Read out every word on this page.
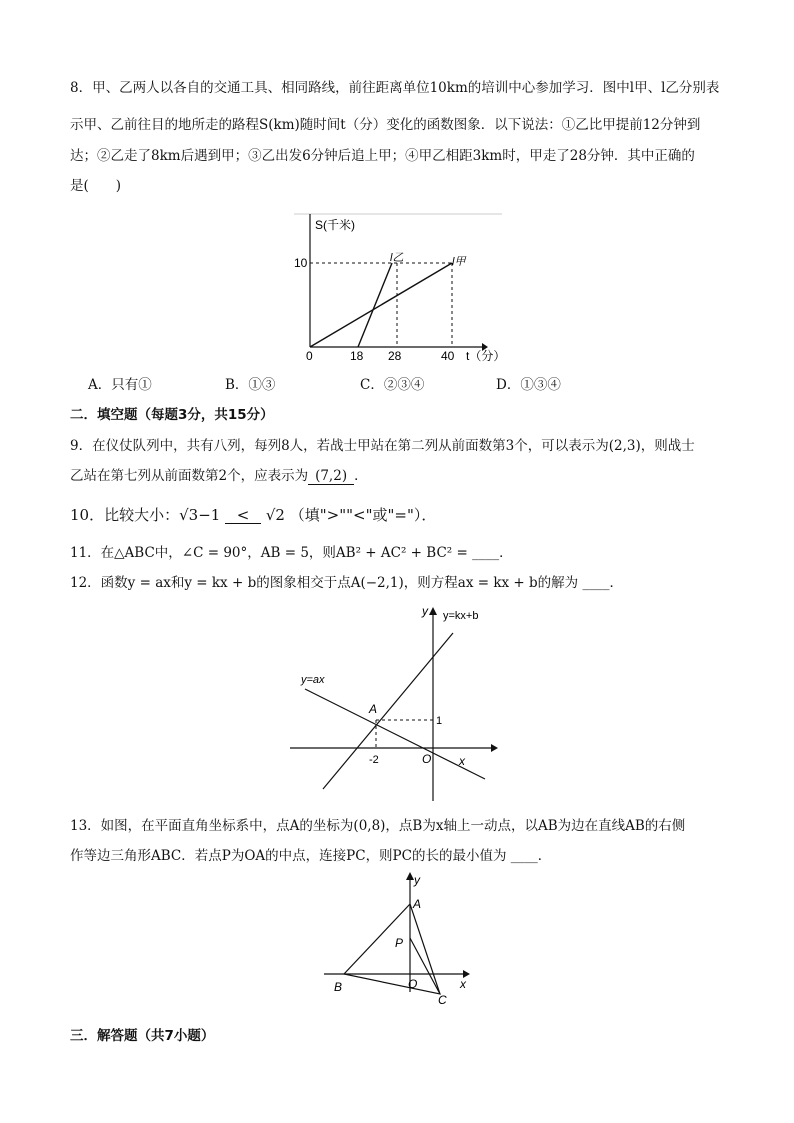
8．甲、乙两人以各自的交通工具、相同路线，前往距离单位10km的培训中心参加学习．图中l甲、l乙分别表
示甲、乙前往目的地所走的路程S(km)随时间t（分）变化的函数图象．以下说法：①乙比甲提前12分钟到
达；②乙走了8km后遇到甲；③乙出发6分钟后追上甲；④甲乙相距3km时，甲走了28分钟．其中正确的
是(　　)
S(千米)
10
0	18 28	40 t（分）
l乙	l甲
A．只有①	B．①③	C．②③④	D．①③④
二．填空题（每题3分，共15分）
9．在仪仗队列中，共有八列，每列8人，若战士甲站在第二列从前面数第3个，可以表示为(2,3)，则战士
乙站在第七列从前面数第2个，应表示为 (7,2) ．
10．比较大小：√3−1 < √2 （填">""<"或"="）．
11．在△ABC中，∠C = 90°，AB = 5，则AB² + AC² + BC² = ____．
12．函数y = ax和y = kx + b的图象相交于点A(−2,1)，则方程ax = kx + b的解为 ____．
y
x
y=kx+b
y=ax
A
1
-2	O
13．如图，在平面直角坐标系中，点A的坐标为(0,8)，点B为x轴上一动点，以AB为边在直线AB的右侧
作等边三角形ABC．若点P为OA的中点，连接PC，则PC的长的最小值为 ____．
y
x
A
P
B	O
C
三．解答题（共7小题）
